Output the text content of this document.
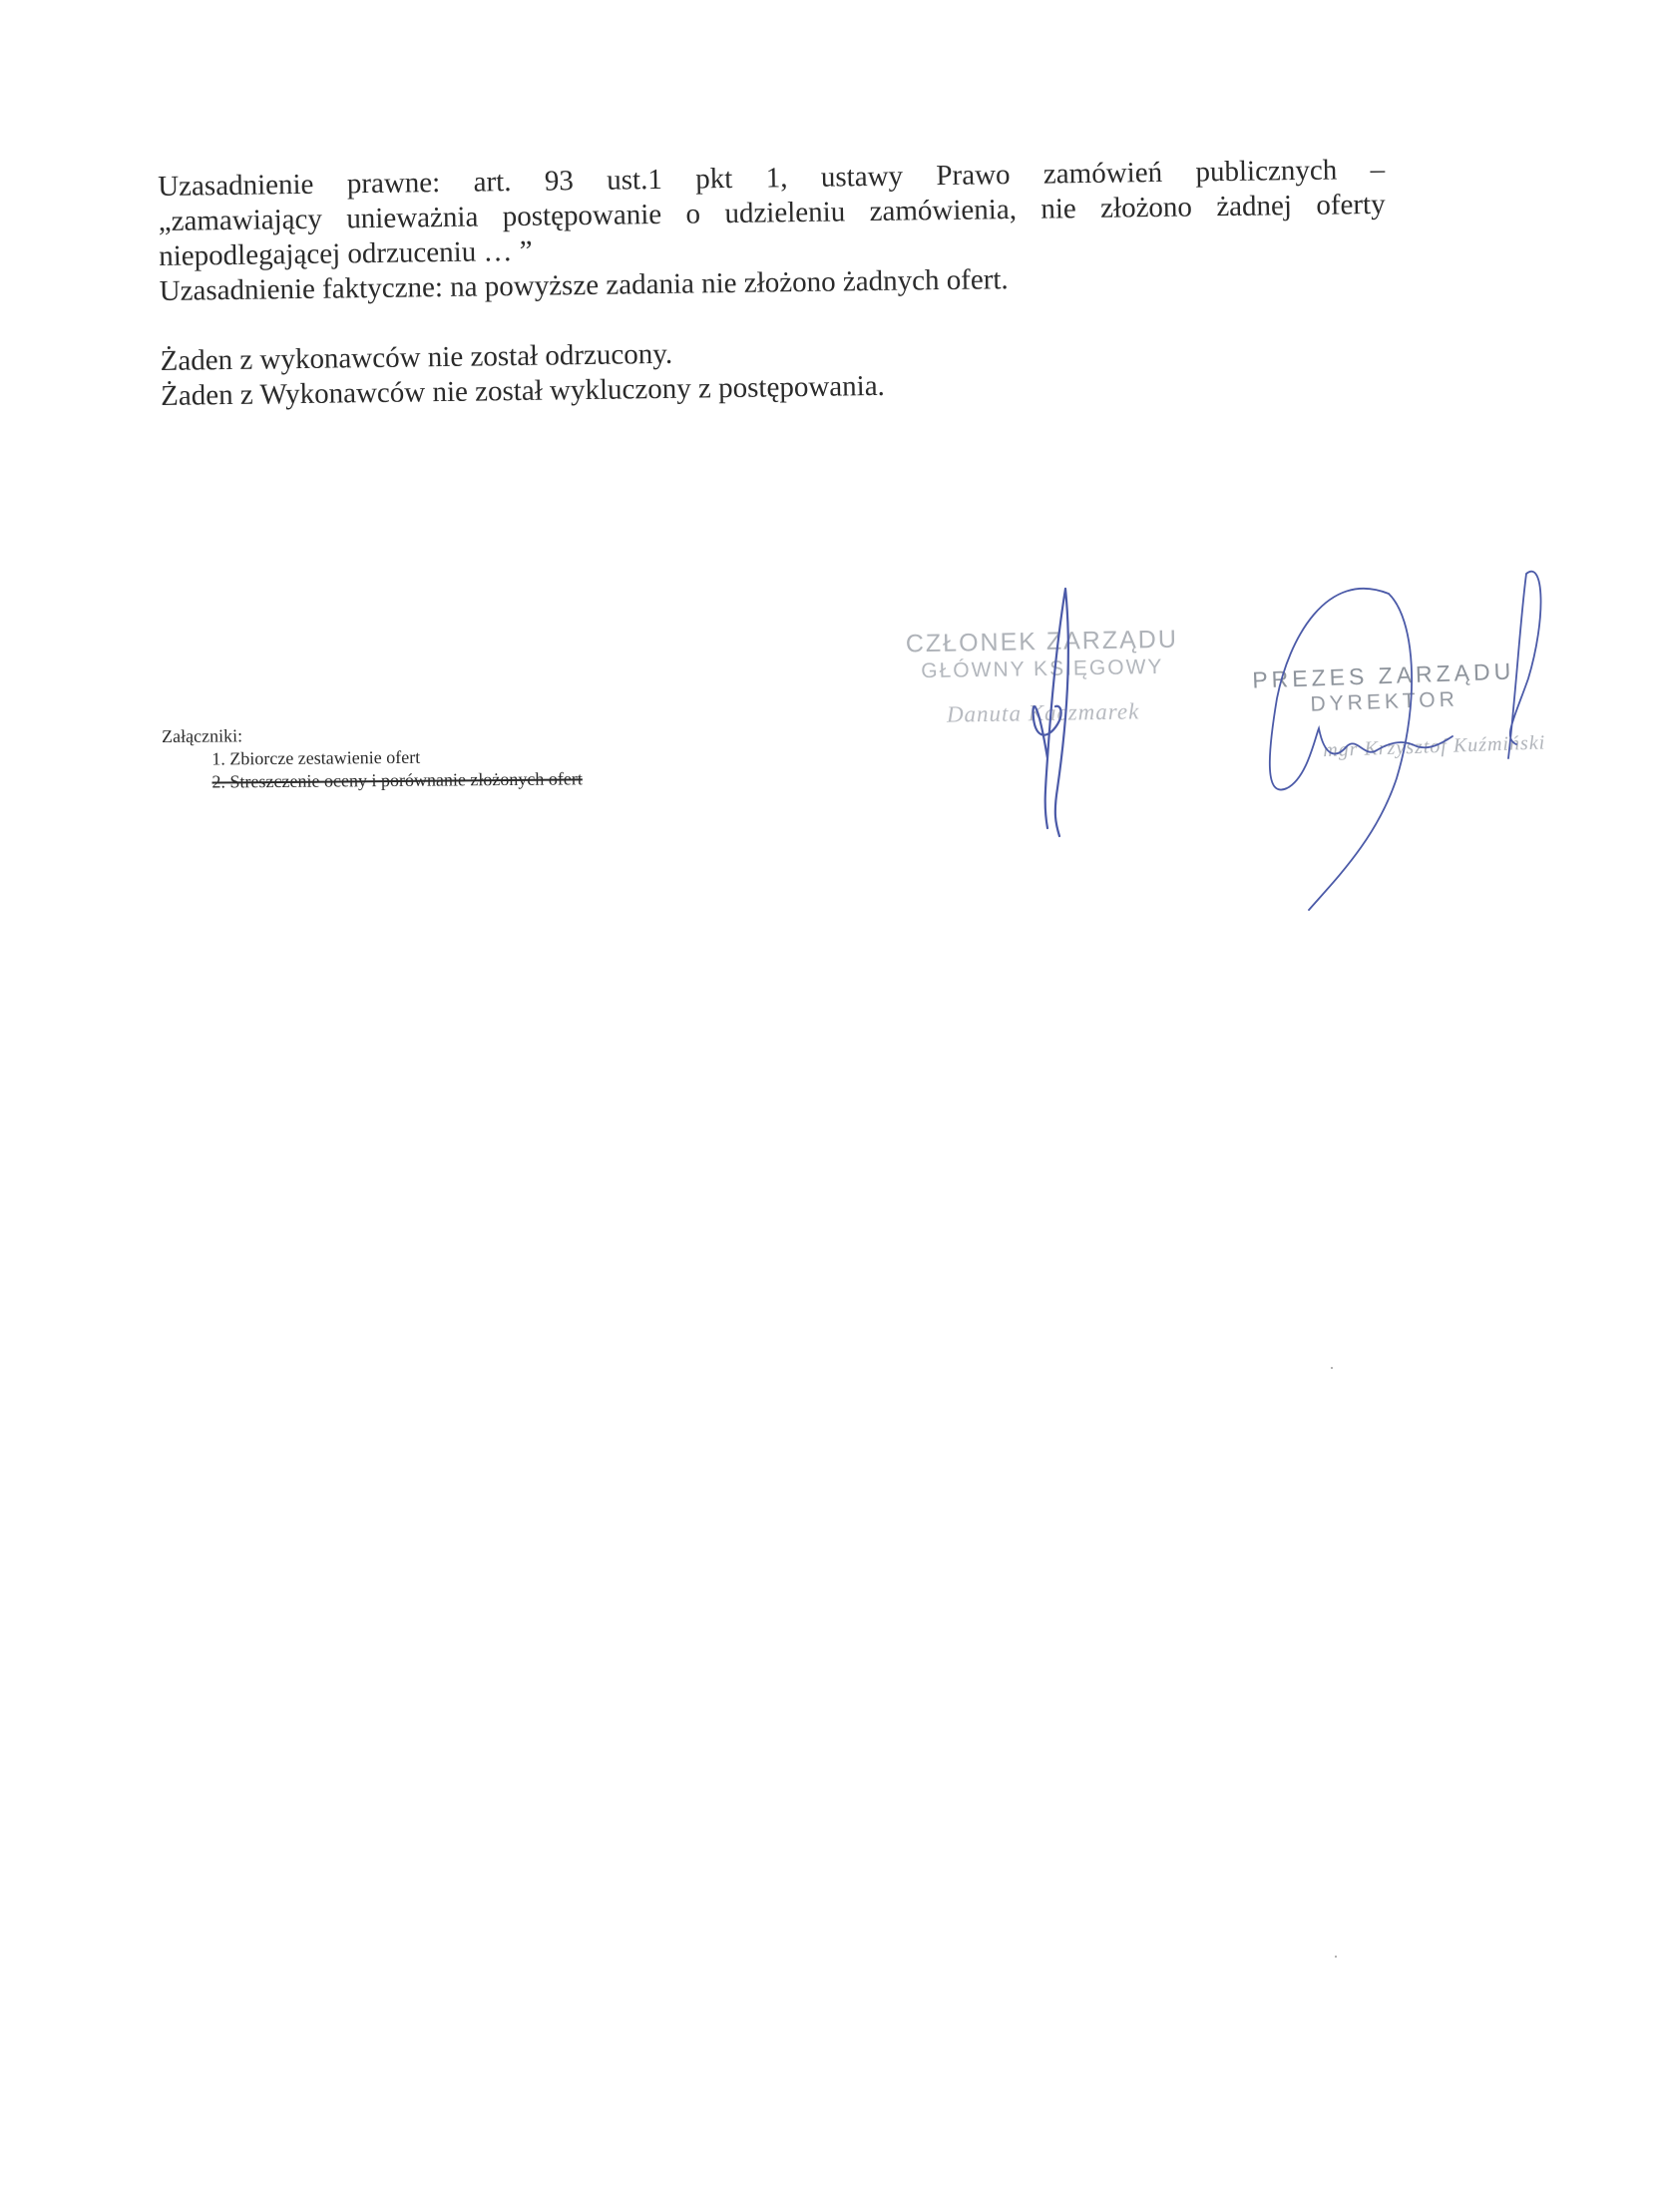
Uzasadnienie prawne: art. 93 ust.1 pkt 1, ustawy Prawo zamówień publicznych –

„zamawiający unieważnia postępowanie o udzieleniu zamówienia, nie złożono żadnej oferty

niepodlegającej odrzuceniu … ”

Uzasadnienie faktyczne: na powyższe zadania nie złożono żadnych ofert.

Żaden z wykonawców nie został odrzucony.

Żaden z Wykonawców nie został wykluczony z postępowania.

Załączniki:
1. Zbiorcze zestawienie ofert
2. Streszczenie oceny i porównanie złożonych ofert
CZŁONEK ZARZĄDU
GŁÓWNY KSIĘGOWY
Danuta Kaczmarek
PREZES ZARZĄDU
DYREKTOR
mgr Krzysztof Kuźmiński
